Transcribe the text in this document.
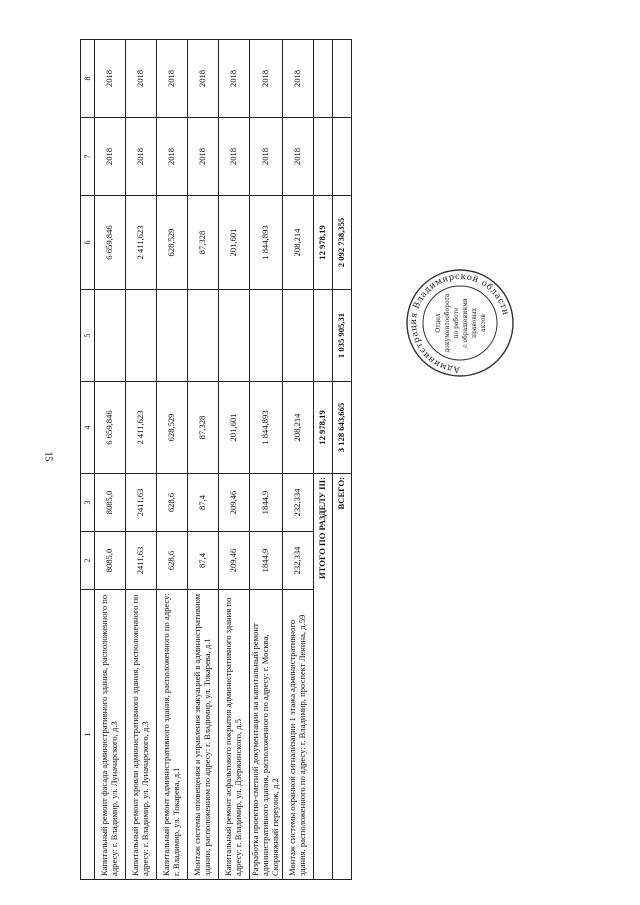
15
1	2	3	4	5	6	7	8
Капитальный ремонт фасада административного здания, расположенного по адресу: г. Владимир, ул. Луначарского, д.3	8085,0	8085,0	6 659,846		6 659,846	2018	2018
Капитальный ремонт кровли административного здания, расположенного по адресу: г. Владимир, ул. Луначарского, д.3	2411,63	2411,63	2 411,623		2 411,623	2018	2018
Капитальный ремонт административного здания, расположенного по адресу: г. Владимир, ул. Токарева, д.1	628,6	628,6	628,529		628,529	2018	2018
Монтаж системы оповещения и управления эвакуацией в административном здании, расположенном по адресу: г. Владимир, ул. Токарева, д.1	87,4	87,4	87,328		87,328	2018	2018
Капитальный ремонт асфальтового покрытия административного здания по адресу: г. Владимир, ул. Дзержинского, д.5	209,46	209,46	201,601		201,601	2018	2018
Разработка проектно-сметной документации на капитальный ремонт административного здания, расположенного по адресу: г. Москва, Скорняжный переулок, д.2	1844,9	1844,9	1 844,893		1 844,893	2018	2018
Монтаж системы охранной сигнализации 1 этажа административного здания, расположенного по адресу: г. Владимир, проспект Ленина, д.59	232,334	232,334	208,214		208,214	2018	2018
ИТОГО ПО РАЗДЕЛУ III:			12 978,19		12 978,19		
ВСЕГО:			3 128 643,665	1 035 905,31	2 092 738,355		
Администрация Владимирской области
Отдел документооборота по работе с обращениями правовых актов
